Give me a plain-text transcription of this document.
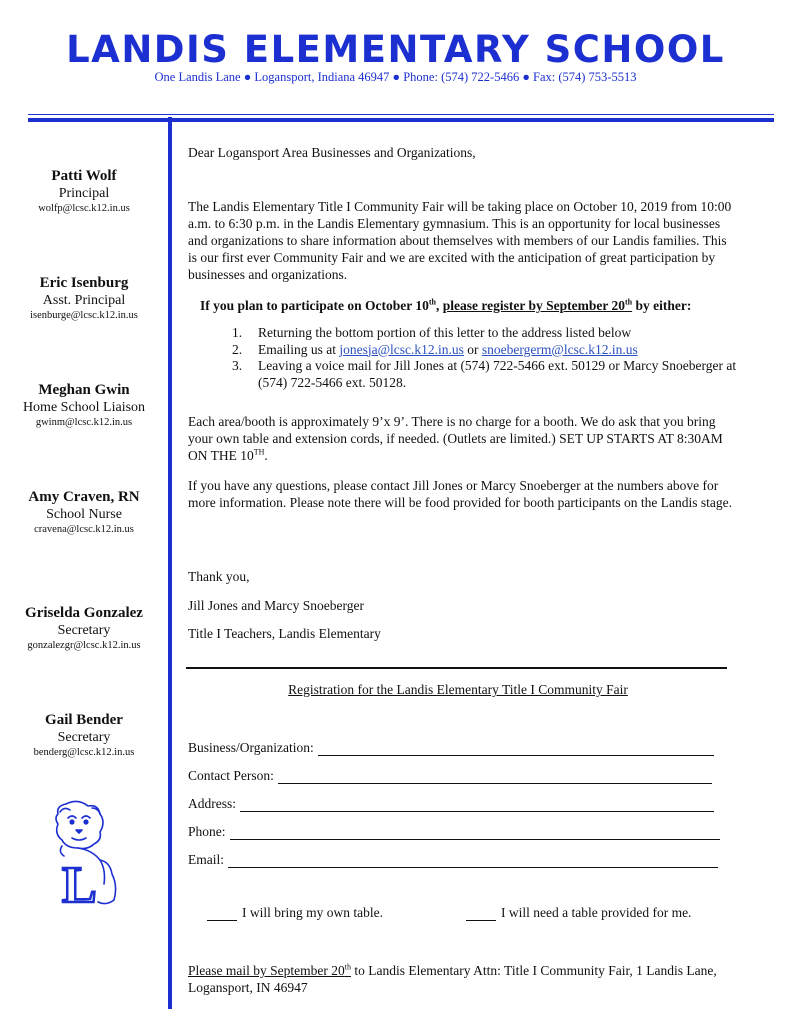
LANDIS ELEMENTARY SCHOOL
One Landis Lane ● Logansport, Indiana 46947 ● Phone: (574) 722-5466 ● Fax: (574) 753-5513
Patti Wolf
Principal
wolfp@lcsc.k12.in.us
Eric Isenburg
Asst. Principal
isenburge@lcsc.k12.in.us
Meghan Gwin
Home School Liaison
gwinm@lcsc.k12.in.us
Amy Craven, RN
School Nurse
cravena@lcsc.k12.in.us
Griselda Gonzalez
Secretary
gonzalezgr@lcsc.k12.in.us
Gail Bender
Secretary
benderg@lcsc.k12.in.us
L
Dear Logansport Area Businesses and Organizations,
The Landis Elementary Title I Community Fair will be taking place on October 10, 2019 from 10:00 a.m. to 6:30 p.m. in the Landis Elementary gymnasium. This is an opportunity for local businesses and organizations to share information about themselves with members of our Landis families. This is our first ever Community Fair and we are excited with the anticipation of great participation by businesses and organizations.
If you plan to participate on October 10th, please register by September 20th by either:
1.	Returning the bottom portion of this letter to the address listed below
2.	Emailing us at jonesja@lcsc.k12.in.us or snoebergerm@lcsc.k12.in.us
3.	Leaving a voice mail for Jill Jones at (574) 722-5466 ext. 50129 or Marcy Snoeberger at (574) 722-5466 ext. 50128.
Each area/booth is approximately 9’x 9’. There is no charge for a booth. We do ask that you bring your own table and extension cords, if needed. (Outlets are limited.) SET UP STARTS AT 8:30AM ON THE 10TH.
If you have any questions, please contact Jill Jones or Marcy Snoeberger at the numbers above for more information. Please note there will be food provided for booth participants on the Landis stage.
Thank you,
Jill Jones and Marcy Snoeberger
Title I Teachers, Landis Elementary
Registration for the Landis Elementary Title I Community Fair
Business/Organization:
Contact Person:
Address:
Phone:
Email:
I will bring my own table.	I will need a table provided for me.
Please mail by September 20th to Landis Elementary Attn: Title I Community Fair, 1 Landis Lane, Logansport, IN 46947
